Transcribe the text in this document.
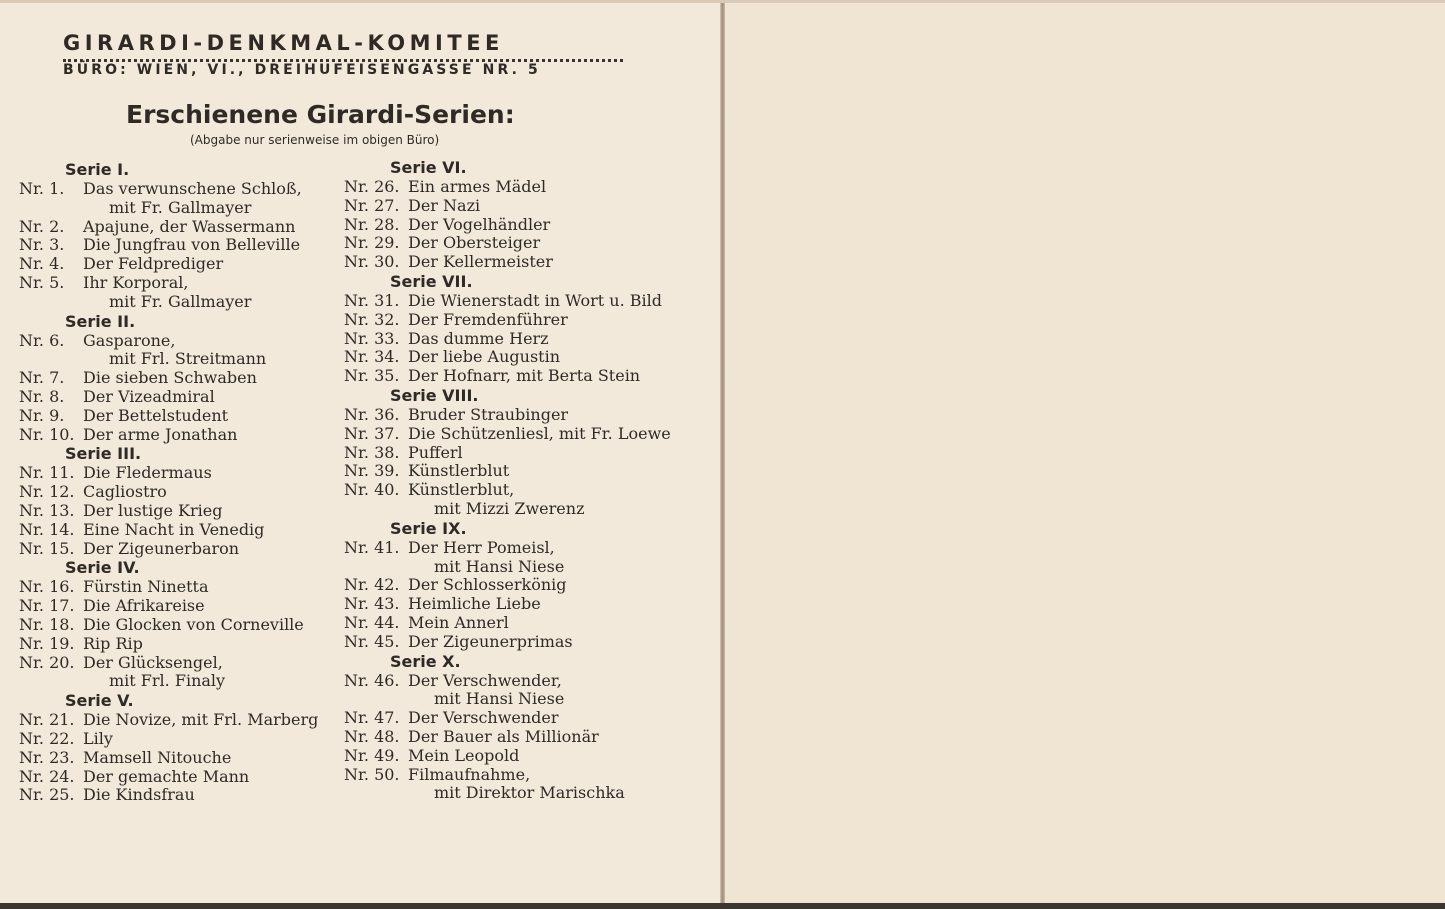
GIRARDI-DENKMAL-KOMITEE
BÜRO: WIEN, VI., DREIHUFEISENGASSE NR. 5
Erschienene Girardi-Serien:
(Abgabe nur serienweise im obigen Büro)
Serie I.
Nr. 1.	Das verwunschene Schloß,
mit Fr. Gallmayer
Nr. 2.	Apajune, der Wassermann
Nr. 3.	Die Jungfrau von Belleville
Nr. 4.	Der Feldprediger
Nr. 5.	Ihr Korporal,
mit Fr. Gallmayer
Serie II.
Nr. 6.	Gasparone,
mit Frl. Streitmann
Nr. 7.	Die sieben Schwaben
Nr. 8.	Der Vizeadmiral
Nr. 9.	Der Bettelstudent
Nr. 10. Der arme Jonathan
Serie III.
Nr. 11. Die Fledermaus
Nr. 12. Cagliostro
Nr. 13. Der lustige Krieg
Nr. 14. Eine Nacht in Venedig
Nr. 15. Der Zigeunerbaron
Serie IV.
Nr. 16. Fürstin Ninetta
Nr. 17. Die Afrikareise
Nr. 18. Die Glocken von Corneville
Nr. 19. Rip Rip
Nr. 20. Der Glücksengel,
mit Frl. Finaly
Serie V.
Nr. 21. Die Novize, mit Frl. Marberg
Nr. 22. Lily
Nr. 23. Mamsell Nitouche
Nr. 24. Der gemachte Mann
Nr. 25. Die Kindsfrau
Serie VI.
Nr. 26. Ein armes Mädel
Nr. 27. Der Nazi
Nr. 28. Der Vogelhändler
Nr. 29. Der Obersteiger
Nr. 30. Der Kellermeister
Serie VII.
Nr. 31. Die Wienerstadt in Wort u. Bild
Nr. 32. Der Fremdenführer
Nr. 33. Das dumme Herz
Nr. 34. Der liebe Augustin
Nr. 35. Der Hofnarr, mit Berta Stein
Serie VIII.
Nr. 36. Bruder Straubinger
Nr. 37. Die Schützenliesl, mit Fr. Loewe
Nr. 38. Pufferl
Nr. 39. Künstlerblut
Nr. 40. Künstlerblut,
mit Mizzi Zwerenz
Serie IX.
Nr. 41. Der Herr Pomeisl,
mit Hansi Niese
Nr. 42. Der Schlosserkönig
Nr. 43. Heimliche Liebe
Nr. 44. Mein Annerl
Nr. 45. Der Zigeunerprimas
Serie X.
Nr. 46. Der Verschwender,
mit Hansi Niese
Nr. 47. Der Verschwender
Nr. 48. Der Bauer als Millionär
Nr. 49. Mein Leopold
Nr. 50. Filmaufnahme,
mit Direktor Marischka
